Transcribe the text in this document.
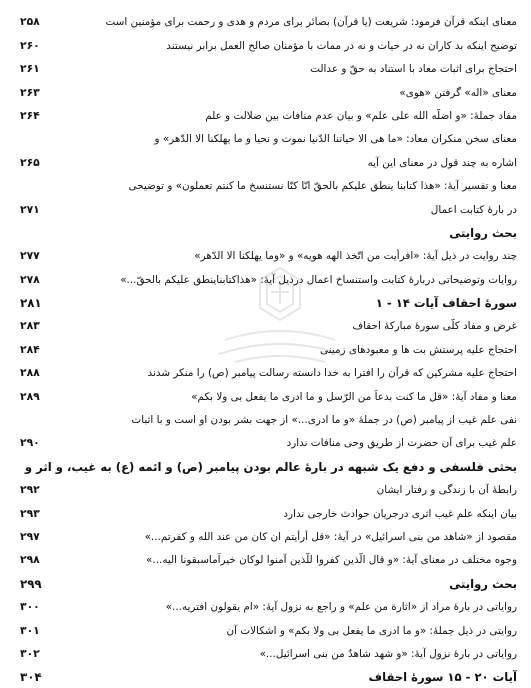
معنای اینکه قرآن فرمود: شریعت (یا قرآن) بصائر برای مردم و هدی و رحمت برای مؤمنین است
۲۵۸
توضیح اینکه بد کاران نه در حیات و نه در ممات با مؤمنان صالح العمل برابر نیستند
۲۶۰
احتجاج برای اثبات معاد با استناد به حقّ و عدالت
۲۶۱
معنای «اله» گرفتن «هوی»
۲۶۳
مفاد جملهٔ: «و اضلّه الله علی علم» و بیان عدم منافات بین ضلالت و علم
۲۶۴
معنای سخن منکران معاد: «ما هی الا حیاتنا الدّنیا نموت و نحیا و ما یهلکنا الا الدّهر» و
اشاره به چند قول در معنای این آیه
۲۶۵
معنا و تفسیر آیهٔ: «هذا کتابنا ینطق علیکم بالحقّ انّا کنّا نستنسخ ما کنتم تعملون» و توضیحی
در بارهٔ کتابت اعمال
۲۷۱
بحث روایتی
چند روایت در ذیل آیهٔ: «افرأیت من اتّخذ الهه هویه» و «وما یهلکنا الا الدّهر»
۲۷۷
روایات وتوضیحاتی دربارهٔ کتابت واستنساخ اعمال درذیل آیهٔ: «هذاکتابناینطق علیکم بالحقّ...»
۲۷۸
سورهٔ احقاف آیات ۱۴ - ۱
۲۸۱
غرض و مفاد کلّی سورهٔ مبارکهٔ احقاف
۲۸۳
احتجاج علیه پرستش بت ها و معبودهای زمینی
۲۸۴
احتجاج علیه مشرکین که قرآن را افترا به خدا دانسته رسالت پیامبر (ص) را منکر شدند
۲۸۸
معنا و مفاد آیهٔ: «قل ما کنت بدعاً من الرّسل و ما ادری ما یفعل بی ولا بکم»
۲۸۹
نفی علم غیب از پیامبر (ص) در جملهٔ «و ما ادری...» از جهت بشر بودن او است و با اثبات
علم غیب برای آن حضرت از طریق وحی منافات ندارد
۲۹۰
بحثی فلسفی و دفع یک شبهه در بارهٔ عالم بودن پیامبر (ص) و ائمه (ع) به غیب، و اثر و
رابطهٔ آن با زندگی و رفتار ایشان
۲۹۲
بیان اینکه علم غیب اثری درجریان حوادث خارجی ندارد
۲۹۳
مقصود از «شاهد من بنی اسرائیل» در آیهٔ: «قل أرأیتم ان کان من عند الله و کفرتم...»
۲۹۷
وجوه مختلف در معنای آیهٔ: «و قال الّذین کفروا للّذین آمنوا لوکان خیراًماسبقونا الیه...»
۲۹۸
بحث روایتی
۲۹۹
روایاتی در بارهٔ مراد از «اثارة من علم» و راجع به نزول آیهٔ: «ام یقولون افتریه...»
۳۰۰
روایتی در ذیل جملهٔ: «و ما ادری ما یفعل بی ولا بکم» و اشکالات آن
۳۰۱
روایاتی در بارهٔ نزول آیهٔ: «و شهد شاهدٌ من بنی اسرائیل...»
۳۰۲
آیات ۲۰ - ۱۵ سورهٔ احقاف
۳۰۴
